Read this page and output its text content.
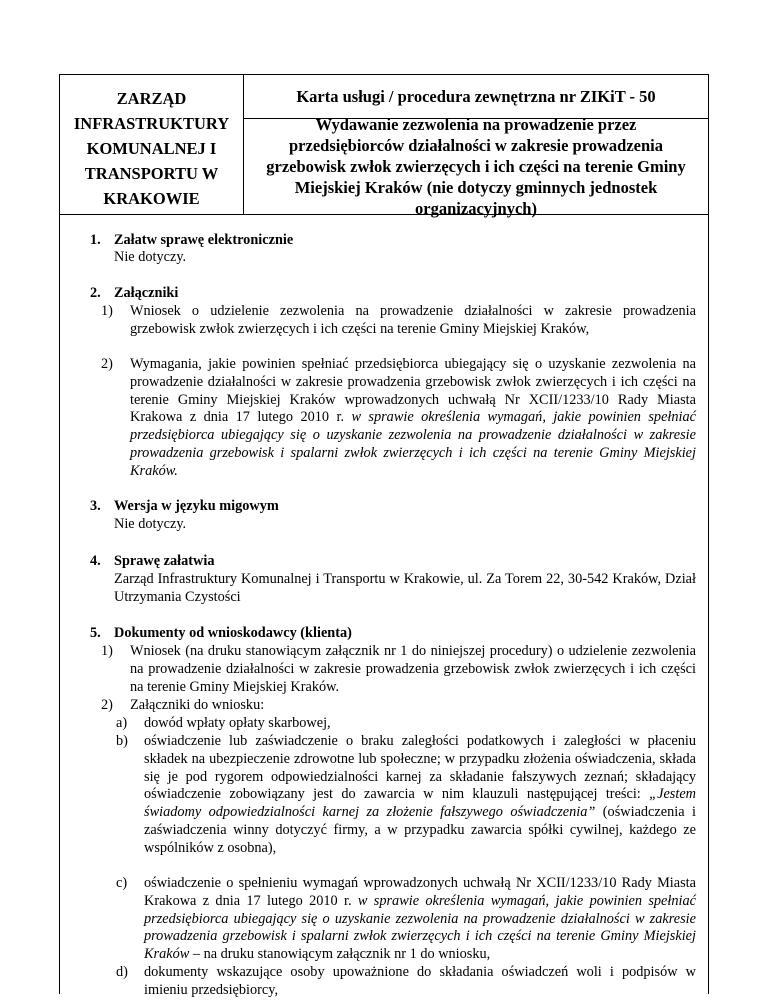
ZARZĄD
INFRASTRUKTURY
KOMUNALNEJ I
TRANSPORTU W
KRAKOWIE
Karta usługi / procedura zewnętrzna nr ZIKiT - 50
Wydawanie zezwolenia na prowadzenie przez przedsiębiorców działalności w zakresie prowadzenia grzebowisk zwłok zwierzęcych i ich części na terenie Gminy Miejskiej Kraków (nie dotyczy gminnych jednostek organizacyjnych)
1. Załatw sprawę elektronicznie
Nie dotyczy.
2. Załączniki
1) Wniosek o udzielenie zezwolenia na prowadzenie działalności w zakresie prowadzenia grzebowisk zwłok zwierzęcych i ich części na terenie Gminy Miejskiej Kraków,
2) Wymagania, jakie powinien spełniać przedsiębiorca ubiegający się o uzyskanie zezwolenia na prowadzenie działalności w zakresie prowadzenia grzebowisk zwłok zwierzęcych i ich części na terenie Gminy Miejskiej Kraków wprowadzonych uchwałą Nr XCII/1233/10 Rady Miasta Krakowa z dnia 17 lutego 2010 r. w sprawie określenia wymagań, jakie powinien spełniać przedsiębiorca ubiegający się o uzyskanie zezwolenia na prowadzenie działalności w zakresie prowadzenia grzebowisk i spalarni zwłok zwierzęcych i ich części na terenie Gminy Miejskiej Kraków.
3. Wersja w języku migowym
Nie dotyczy.
4. Sprawę załatwia
Zarząd Infrastruktury Komunalnej i Transportu w Krakowie, ul. Za Torem 22, 30-542 Kraków, Dział Utrzymania Czystości
5. Dokumenty od wnioskodawcy (klienta)
1) Wniosek (na druku stanowiącym załącznik nr 1 do niniejszej procedury) o udzielenie zezwolenia na prowadzenie działalności w zakresie prowadzenia grzebowisk zwłok zwierzęcych i ich części na terenie Gminy Miejskiej Kraków.
2) Załączniki do wniosku:
a) dowód wpłaty opłaty skarbowej,
b) oświadczenie lub zaświadczenie o braku zaległości podatkowych i zaległości w płaceniu składek na ubezpieczenie zdrowotne lub społeczne; w przypadku złożenia oświadczenia, składa się je pod rygorem odpowiedzialności karnej za składanie fałszywych zeznań; składający oświadczenie zobowiązany jest do zawarcia w nim klauzuli następującej treści: „Jestem świadomy odpowiedzialności karnej za złożenie fałszywego oświadczenia” (oświadczenia i zaświadczenia winny dotyczyć firmy, a w przypadku zawarcia spółki cywilnej, każdego ze wspólników z osobna),
c) oświadczenie o spełnieniu wymagań wprowadzonych uchwałą Nr XCII/1233/10 Rady Miasta Krakowa z dnia 17 lutego 2010 r. w sprawie określenia wymagań, jakie powinien spełniać przedsiębiorca ubiegający się o uzyskanie zezwolenia na prowadzenie działalności w zakresie prowadzenia grzebowisk i spalarni zwłok zwierzęcych i ich części na terenie Gminy Miejskiej Kraków – na druku stanowiącym załącznik nr 1 do wniosku,
d) dokumenty wskazujące osoby upoważnione do składania oświadczeń woli i podpisów w imieniu przedsiębiorcy,
